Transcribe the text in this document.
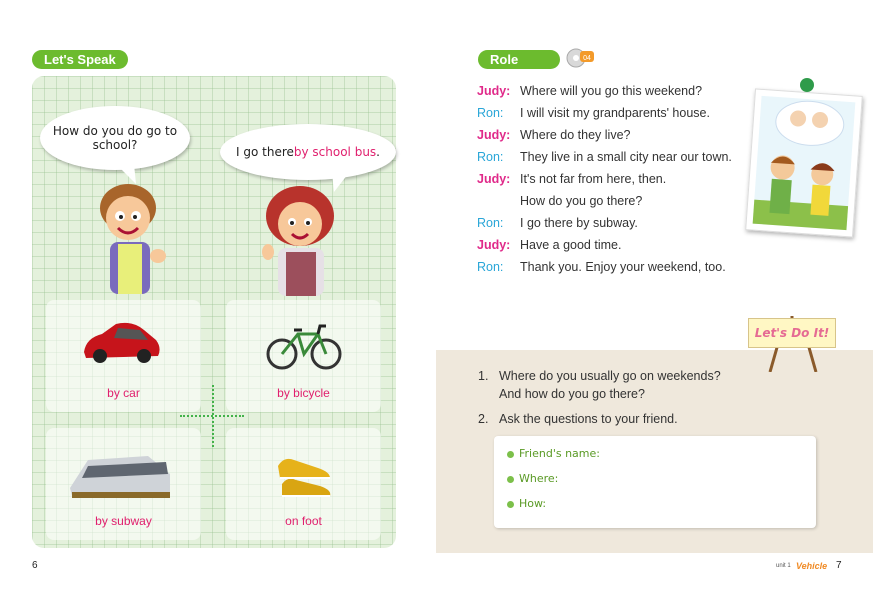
Let's Speak
How do you do go to school?	I go there by school bus .
by car	by bicycle
by subway	on foot
6
Role Play
04
Judy: Where will you go this weekend?
Ron: I will visit my grandparents' house.
Judy: Where do they live?
Ron: They live in a small city near our town.
Judy: It's not far from here, then.
How do you go there?
Ron: I go there by subway.
Judy: Have a good time.
Ron: Thank you. Enjoy your weekend, too.
Let's Do It!
1. Where do you usually go on weekends?
And how do you go there?
2. Ask the questions to your friend.
Friend's name:
Where:
How:
unit 1 Vehicle 7
